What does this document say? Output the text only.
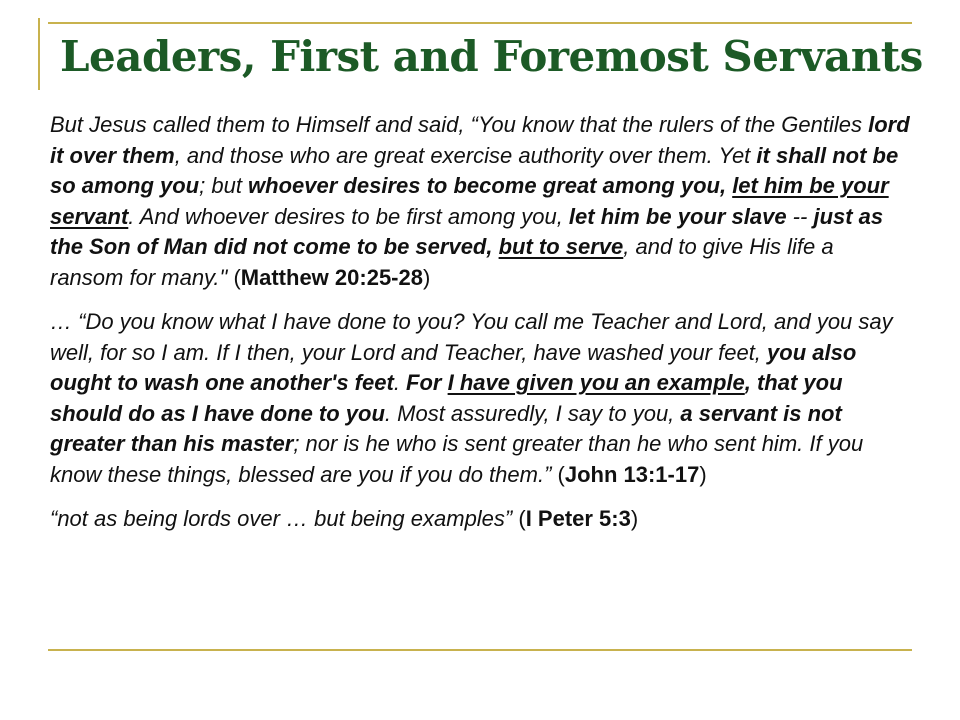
Leaders, First and Foremost Servants

But Jesus called them to Himself and said, “You know that the rulers of the Gentiles lord it over them, and those who are great exercise authority over them. Yet it shall not be so among you; but whoever desires to become great among you, let him be your servant. And whoever desires to be first among you, let him be your slave -- just as the Son of Man did not come to be served, but to serve, and to give His life a ransom for many." (Matthew 20:25-28)

… “Do you know what I have done to you? You call me Teacher and Lord, and you say well, for so I am. If I then, your Lord and Teacher, have washed your feet, you also ought to wash one another's feet. For I have given you an example, that you should do as I have done to you. Most assuredly, I say to you, a servant is not greater than his master; nor is he who is sent greater than he who sent him. If you know these things, blessed are you if you do them.” (John 13:1-17)

“not as being lords over … but being examples” (I Peter 5:3)
